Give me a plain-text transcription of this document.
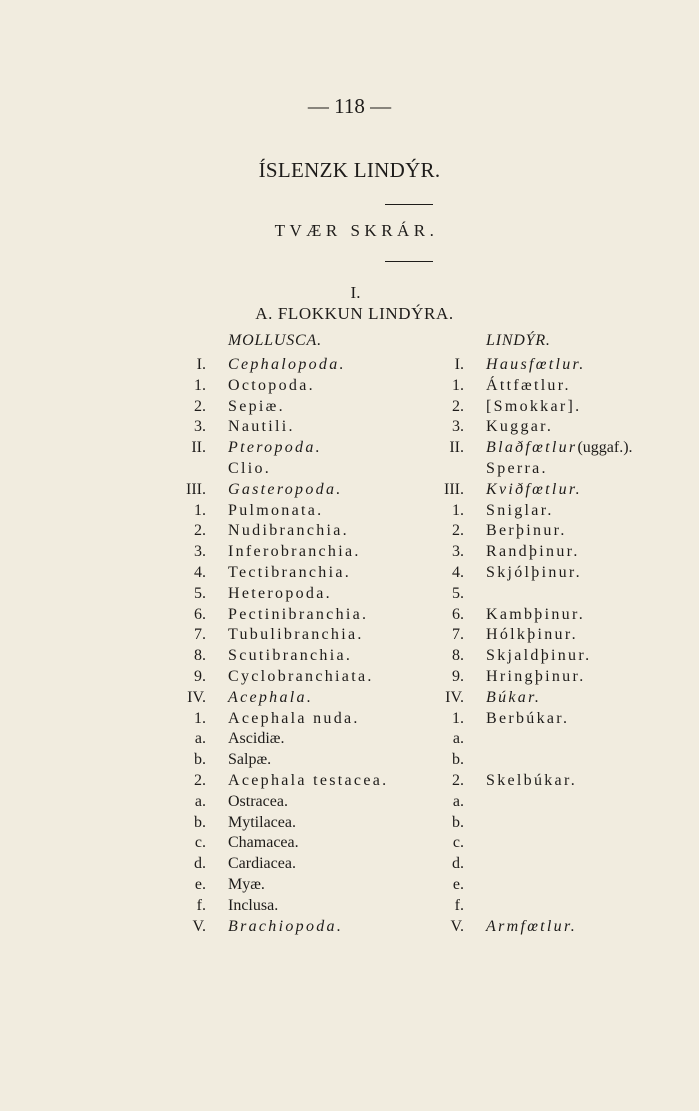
— 118 —
ÍSLENZK LINDÝR.
TVÆR SKRÁR.
I.
A. FLOKKUN LINDÝRA.
MOLLUSCA.	LINDÝR.
I. Cephalopoda.	I. Hausfœtlur.
1. Octopoda.	1. Áttfætlur.
2. Sepiæ.	2. [Smokkar].
3. Nautili.	3. Kuggar.
II. Pteropoda.	II. Blaðfœtlur(uggaf.).
Clio.	Sperra.
III. Gasteropoda.	III. Kviðfœtlur.
1. Pulmonata.	1. Sniglar.
2. Nudibranchia.	2. Berþinur.
3. Inferobranchia.	3. Randþinur.
4. Tectibranchia.	4. Skjólþinur.
5. Heteropoda.	5.
6. Pectinibranchia.	6. Kambþinur.
7. Tubulibranchia.	7. Hólkþinur.
8. Scutibranchia.	8. Skjaldþinur.
9. Cyclobranchiata.	9. Hringþinur.
IV. Acephala.	IV. Búkar.
1. Acephala nuda.	1. Berbúkar.
a. Ascidiæ.	a.
b. Salpæ.	b.
2. Acephala testacea.	2. Skelbúkar.
a. Ostracea.	a.
b. Mytilacea.	b.
c. Chamacea.	c.
d. Cardiacea.	d.
e. Myæ.	e.
f. Inclusa.	f.
V. Brachiopoda.	V. Armfœtlur.
